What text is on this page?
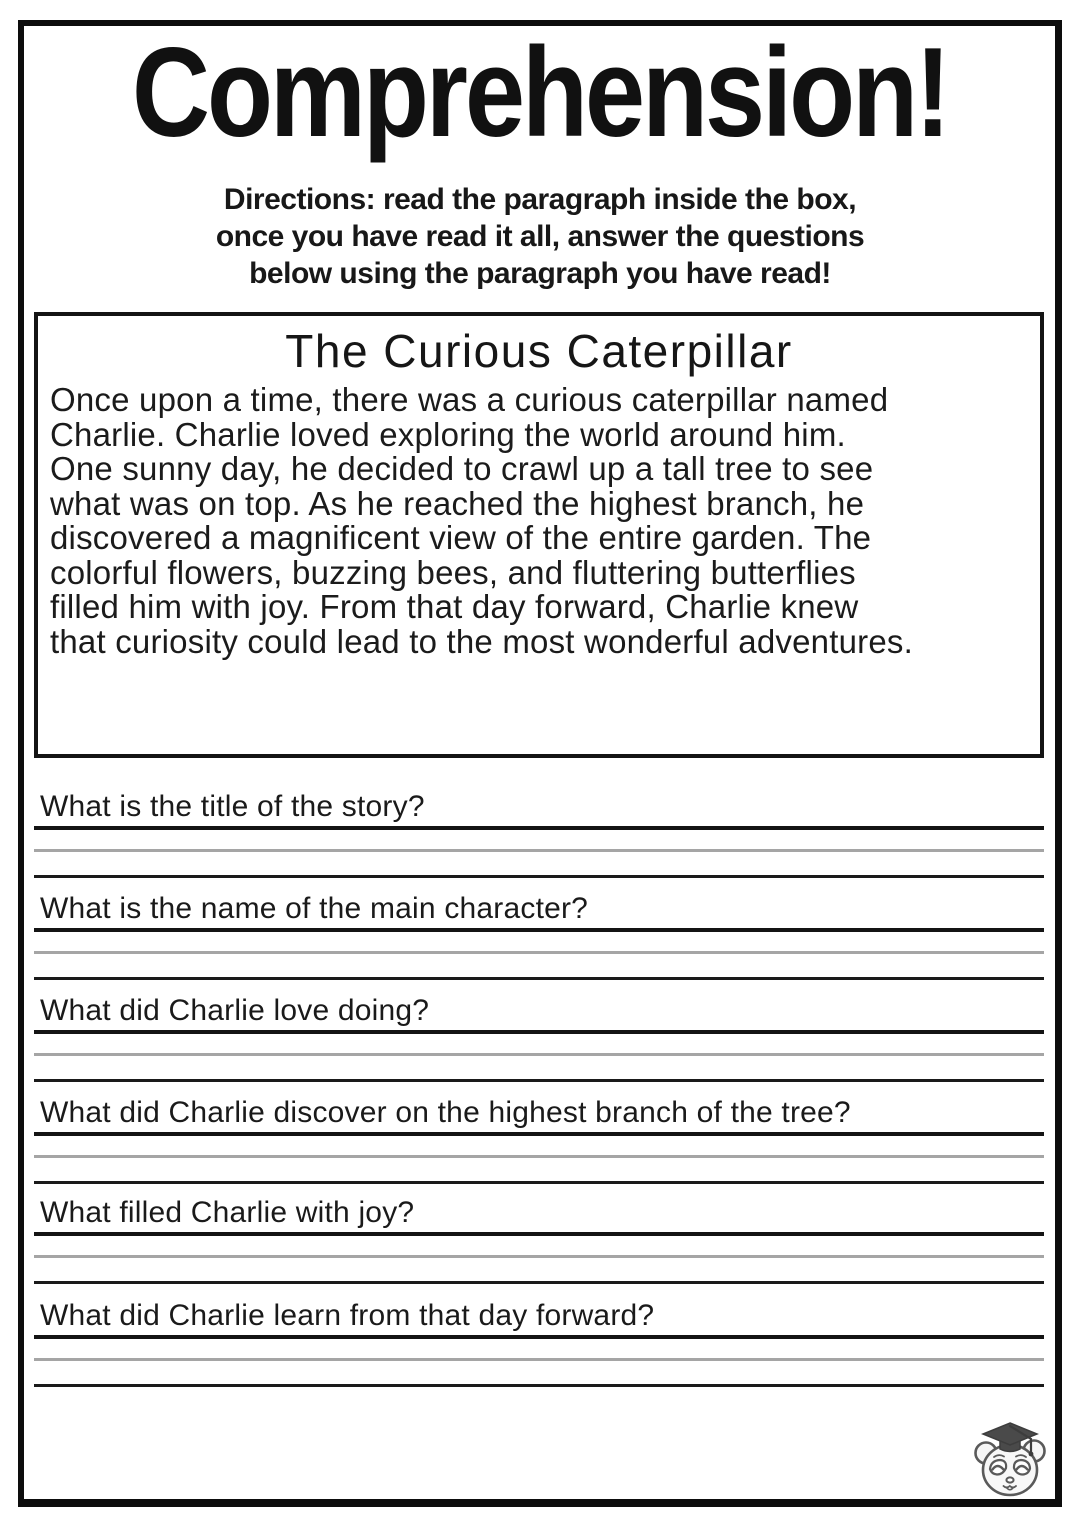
Comprehension!
Directions: read the paragraph inside the box,
once you have read it all, answer the questions
below using the paragraph you have read!
The Curious Caterpillar
Once upon a time, there was a curious caterpillar named
Charlie. Charlie loved exploring the world around him.
One sunny day, he decided to crawl up a tall tree to see
what was on top. As he reached the highest branch, he
discovered a magnificent view of the entire garden. The
colorful flowers, buzzing bees, and fluttering butterflies
filled him with joy. From that day forward, Charlie knew
that curiosity could lead to the most wonderful adventures.
What is the title of the story?
What is the name of the main character?
What did Charlie love doing?
What did Charlie discover on the highest branch of the tree?
What filled Charlie with joy?
What did Charlie learn from that day forward?
